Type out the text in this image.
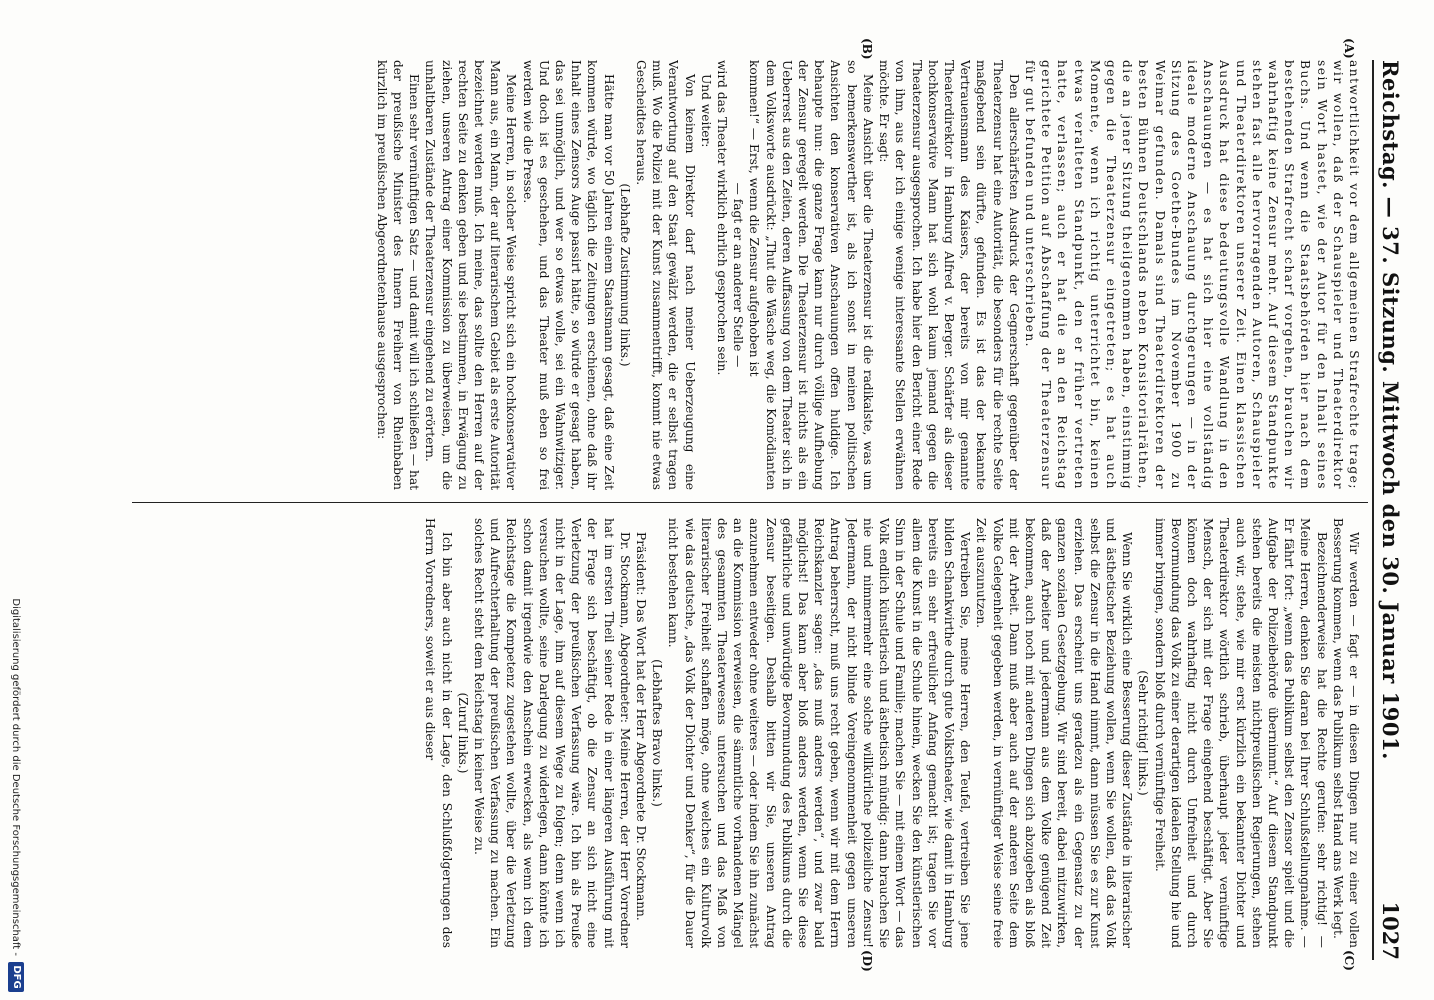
Reichstag. — 37. Sitzung. Mittwoch den 30. Januar 1901.
1027
(A)
(B)
(C)
(D)

antwortlichkeit vor dem allgemeinen Strafrechte trage; wir wollen, daß der Schauspieler und Theaterdirektor sein Wort hastet, wie der Autor für den Inhalt seines Buchs. Und wenn die Staatsbehörden hier nach dem bestehenden Strafrecht scharf vorgehen, brauchen wir wahrhaftig keine Zensur mehr. Auf diesem Standpunkte stehen fast alle hervorragenden Autoren, Schauspieler und Theaterdirektoren unserer Zeit. Einen klassischen Ausdruck hat diese bedeutungsvolle Wandlung in den Anschauungen — es hat sich hier eine vollständig ideale moderne Anschauung durchgerungen — in der Sitzung des Goethe-Bundes im November 1900 zu Weimar gefunden. Damals sind Theaterdirektoren der besten Bühnen Deutschlands neben Konsistorialräthen, die an jener Sitzung theilgenommen haben, einstimmig gegen die Theaterzensur eingetreten; es hat auch Momente, wenn ich richtig unterrichtet bin, keinen etwas veralteten Standpunkt, den er früher vertreten hatte, verlassen; auch er hat die an den Reichstag gerichtete Petition auf Abschaffung der Theaterzensur für gut befunden und unterschrieben.

Den allerschärfsten Ausdruck der Gegnerschaft gegenüber der Theaterzensur hat eine Autorität, die besonders für die rechte Seite maßgebend sein dürfte, gefunden. Es ist das der bekannte Vertrauensmann des Kaisers, der bereits von mir genannte Theaterdirektor in Hamburg Alfred v. Berger. Schärfer als dieser hochkonservative Mann hat sich wohl kaum jemand gegen die Theaterzensur ausgesprochen. Ich habe hier den Bericht einer Rede von ihm, aus der ich einige wenige interessante Stellen erwähnen möchte. Er sagt:

Meine Ansicht über die Theaterzensur ist die radikalste, was um so bemerkenswerther ist, als ich sonst in meinen politischen Ansichten den konservativen Anschauungen offen huldige. Ich behaupte nun: die ganze Frage kann nur durch völlige Aufhebung der Zensur geregelt werden. Die Theaterzensur ist nichts als ein Ueberrest aus den Zeiten, deren Auffassung von dem Theater sich in dem Volksworte ausdrückt: „Thut die Wäsche weg, die Komödianten kommen!“ — Erst, wenn die Zensur aufgehoben ist

— fagt er an anderer Stelle —

wird das Theater wirklich ehrlich gesprochen sein.

Und weiter:

Von keinem Direktor darf nach meiner Ueberzeugung eine Verantwortung auf den Staat gewälzt werden, die er selbst tragen muß. Wo die Polizei mit der Kunst zusammentrifft, kommt nie etwas Gescheidtes heraus.

(Lebhafte Zustimmung links.)

Hätte man vor 50 Jahren einem Staatsmann gesagt, daß eine Zeit kommen würde, wo täglich die Zeitungen erschienen, ohne daß ihr Inhalt eines Zensors Auge passirt hätte, so würde er gesagt haben, das sei unmöglich, und wer so etwas wolle, sei ein Wahnwitziger. Und doch ist es geschehen, und das Theater muß eben so frei werden wie die Presse.

Meine Herren, in solcher Weise spricht sich ein hochkonservativer Mann aus, ein Mann, der auf literarischem Gebiet als erste Autorität bezeichnet werden muß. Ich meine, das sollte den Herren auf der rechten Seite zu denken geben und sie bestimmen, in Erwägung zu ziehen, unseren Antrag einer Kommission zu überweisen, um die unhaltbaren Zustände der Theaterzensur eingehend zu erörtern.

Einen sehr vernünftigen Satz — und damit will ich schließen — hat der preußische Minister des Innern Freiherr von Rheinbaben kürzlich im preußischen Abgeordnetenhause ausgesprochen:

Wir werden — fagt er — in diesen Dingen nur zu einer vollen Besserung kommen, wenn das Publikum selbst Hand ans Werk legt.

Bezeichnenderweise hat die Rechte gerufen: sehr richtig! — Meine Herren, denken Sie daran bei Ihrer Schlußstellungnahme. — Er fährt fort: „wenn das Publikum selbst den Zensor spielt und die Aufgabe der Polizeibehörde übernimmt.“ Auf diesem Standpunkt stehen bereits die meisten nichtpreußischen Regierungen, stehen auch wir, stehe, wie mir erst kürzlich ein bekannter Dichter und Theaterdirektor wörtlich schrieb, überhaupt jeder vernünftige Mensch, der sich mit der Frage eingehend beschäftigt. Aber Sie können doch wahrhaftig nicht durch Unfreiheit und durch Bevormundung das Volk zu einer derartigen idealen Stellung hie und immer bringen, sondern bloß durch vernünftige Freiheit.

(Sehr richtig! links.)

Wenn Sie wirklich eine Besserung dieser Zustände in literarischer und ästhetischer Beziehung wollen, wenn Sie wollen, daß das Volk selbst die Zensur in die Hand nimmt, dann müssen Sie es zur Kunst erziehen. Das erscheint uns geradezu als ein Gegensatz zu der ganzen sozialen Gesetzgebung. Wir sind bereit, dabei mitzuwirken, daß der Arbeiter und jedermann aus dem Volke genügend Zeit bekommen, auch noch mit anderen Dingen sich abzugeben als bloß mit der Arbeit. Dann muß aber auch auf der anderen Seite dem Volke Gelegenheit gegeben werden, in vernünftiger Weise seine freie Zeit auszunutzen.

Vertreiben Sie, meine Herren, den Teufel, vertreiben Sie jene bilden Schankwirthe durch gute Volkstheater, wie damit in Hamburg bereits ein sehr erfreulicher Anfang gemacht ist; tragen Sie vor allem die Kunst in die Schule hinein, wecken Sie den künstlerischen Sinn in der Schule und Familie; machen Sie — mit einem Wort — das Volk endlich künstlerisch und ästhetisch mündig: dann brauchen Sie nie und nimmermehr eine solche willkürliche polizeiliche Zensur! Jedermann, der nicht blinde Voreingenommenheit gegen unseren Antrag beherrscht, muß uns recht geben, wenn wir mit dem Herrn Reichskanzler sagen: „das muß anders werden“, und zwar bald möglichst! Das kann aber bloß anders werden, wenn Sie diese gefährliche und unwürdige Bevormundung des Publikums durch die Zensur beseitigen. Deshalb bitten wir Sie, unseren Antrag anzunehmen entweder ohne weiteres — oder indem Sie ihn zunächst an die Kommission verweisen, die sämmtliche vorhandenen Mängel des gesammten Theaterwesens untersuchen und das Maß von literarischer Freiheit schaffen möge, ohne welches ein Kulturvolk wie das deutsche, „das Volk der Dichter und Denker“, für die Dauer nicht bestehen kann.

(Lebhaftes Bravo links.)

Präsident: Das Wort hat der Herr Abgeordnete Dr. Stockmann.

Dr. Stockmann, Abgeordneter: Meine Herren, der Herr Vorredner hat im ersten Theil seiner Rede in einer längeren Ausführung mit der Frage sich beschäftigt, ob die Zensur an sich nicht eine Verletzung der preußischen Verfassung wäre. Ich bin als Preuße nicht in der Lage, ihm auf diesem Wege zu folgen; denn wenn ich versuchen wollte, seine Darlegung zu widerlegen, dann könnte ich schon damit irgendwie den Anschein erwecken, als wenn ich dem Reichstage die Kompetenz zugestehen wollte, über die Verletzung und Aufrechterhaltung der preußischen Verfassung zu machen. Ein solches Recht steht dem Reichstag in keiner Weise zu.

(Zuruf links.)

Ich bin aber auch nicht in der Lage, den Schlußfolgerungen des Herrn Vorredners, soweit er aus dieser

Digitalisierung gefördert durch die Deutsche Forschungsgemeinschaft -
DFG
